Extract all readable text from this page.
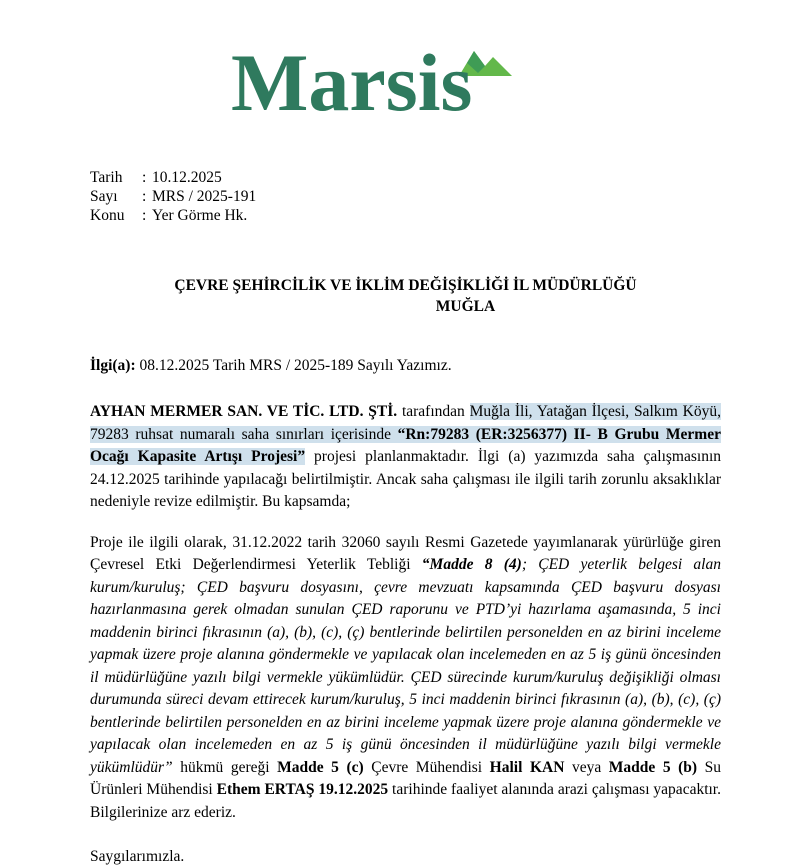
Marsis
Tarih	: 10.12.2025
Sayı	: MRS / 2025-191
Konu	: Yer Görme Hk.
ÇEVRE ŞEHİRCİLİK VE İKLİM DEĞİŞİKLİĞİ İL MÜDÜRLÜĞÜ
MUĞLA
İlgi(a): 08.12.2025 Tarih MRS / 2025-189 Sayılı Yazımız.
AYHAN MERMER SAN. VE TİC. LTD. ŞTİ. tarafından Muğla İli, Yatağan İlçesi, Salkım Köyü, 79283 ruhsat numaralı saha sınırları içerisinde “Rn:79283 (ER:3256377) II- B Grubu Mermer Ocağı Kapasite Artışı Projesi” projesi planlanmaktadır. İlgi (a) yazımızda saha çalışmasının 24.12.2025 tarihinde yapılacağı belirtilmiştir. Ancak saha çalışması ile ilgili tarih zorunlu aksaklıklar nedeniyle revize edilmiştir. Bu kapsamda;
Proje ile ilgili olarak, 31.12.2022 tarih 32060 sayılı Resmi Gazetede yayımlanarak yürürlüğe giren Çevresel Etki Değerlendirmesi Yeterlik Tebliği “Madde 8 (4); ÇED yeterlik belgesi alan kurum/kuruluş; ÇED başvuru dosyasını, çevre mevzuatı kapsamında ÇED başvuru dosyası hazırlanmasına gerek olmadan sunulan ÇED raporunu ve PTD’yi hazırlama aşamasında, 5 inci maddenin birinci fıkrasının (a), (b), (c), (ç) bentlerinde belirtilen personelden en az birini inceleme yapmak üzere proje alanına göndermekle ve yapılacak olan incelemeden en az 5 iş günü öncesinden il müdürlüğüne yazılı bilgi vermekle yükümlüdür. ÇED sürecinde kurum/kuruluş değişikliği olması durumunda süreci devam ettirecek kurum/kuruluş, 5 inci maddenin birinci fıkrasının (a), (b), (c), (ç) bentlerinde belirtilen personelden en az birini inceleme yapmak üzere proje alanına göndermekle ve yapılacak olan incelemeden en az 5 iş günü öncesinden il müdürlüğüne yazılı bilgi vermekle yükümlüdür” hükmü gereği Madde 5 (c) Çevre Mühendisi Halil KAN veya Madde 5 (b) Su Ürünleri Mühendisi Ethem ERTAŞ 19.12.2025 tarihinde faaliyet alanında arazi çalışması yapacaktır. Bilgilerinize arz ederiz.
Saygılarımızla.
